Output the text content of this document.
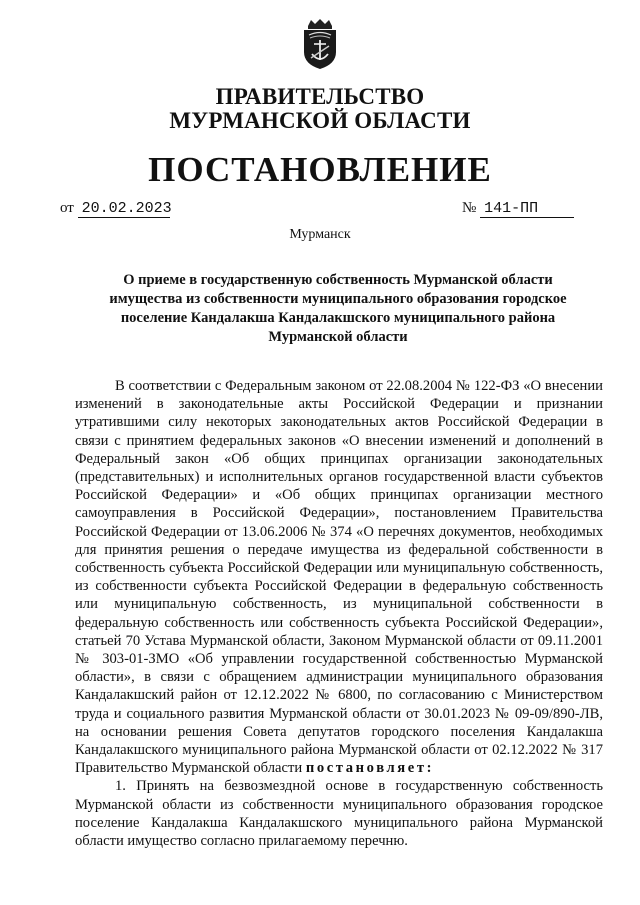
ПРАВИТЕЛЬСТВО
МУРМАНСКОЙ ОБЛАСТИ
ПОСТАНОВЛЕНИЕ
от 20.02.2023	№ 141-ПП
Мурманск
О приеме в государственную собственность Мурманской области имущества из собственности муниципального образования городское поселение Кандалакша Кандалакшского муниципального района Мурманской области

В соответствии с Федеральным законом от 22.08.2004 № 122-ФЗ «О внесении изменений в законодательные акты Российской Федерации и признании утратившими силу некоторых законодательных актов Российской Федерации в связи с принятием федеральных законов «О внесении изменений и дополнений в Федеральный закон «Об общих принципах организации законодательных (представительных) и исполнительных органов государственной власти субъектов Российской Федерации» и «Об общих принципах организации местного самоуправления в Российской Федерации», постановлением Правительства Российской Федерации от 13.06.2006 № 374 «О перечнях документов, необходимых для принятия решения о передаче имущества из федеральной собственности в собственность субъекта Российской Федерации или муниципальную собственность, из собственности субъекта Российской Федерации в федеральную собственность или муниципальную собственность, из муниципальной собственности в федеральную собственность или собственность субъекта Российской Федерации», статьей 70 Устава Мурманской области, Законом Мурманской области от 09.11.2001 № 303-01-ЗМО «Об управлении государственной собственностью Мурманской области», в связи с обращением администрации муниципального образования Кандалакшский район от 12.12.2022 № 6800, по согласованию с Министерством труда и социального развития Мурманской области от 30.01.2023 № 09-09/890-ЛВ, на основании решения Совета депутатов городского поселения Кандалакша Кандалакшского муниципального района Мурманской области от 02.12.2022 № 317 Правительство Мурманской области постановляет:

1. Принять на безвозмездной основе в государственную собственность Мурманской области из собственности муниципального образования городское поселение Кандалакша Кандалакшского муниципального района Мурманской области имущество согласно прилагаемому перечню.
